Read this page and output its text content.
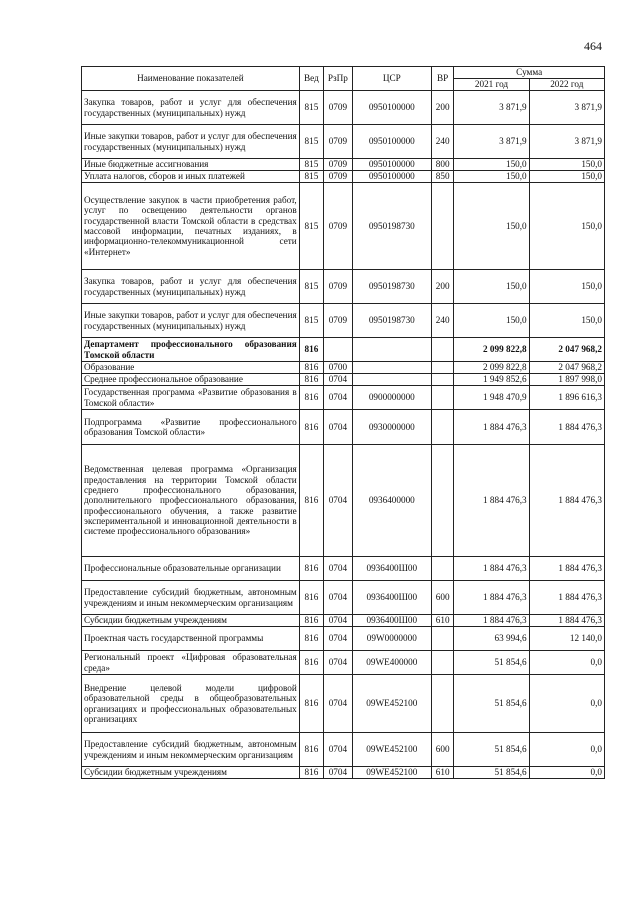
464
Наименование показателей	Вед	РзПр	ЦСР	ВР	Сумма	
					2021 год	2022 год
Закупка товаров, работ и услуг для обеспечения государственных (муниципальных) нужд	815	0709	0950100000	200	3 871,9	3 871,9
Иные закупки товаров, работ и услуг для обеспечения государственных (муниципальных) нужд	815	0709	0950100000	240	3 871,9	3 871,9
Иные бюджетные ассигнования	815	0709	0950100000	800	150,0	150,0
Уплата налогов, сборов и иных платежей	815	0709	0950100000	850	150,0	150,0
Осуществление закупок в части приобретения работ, услуг по освещению деятельности органов государственной власти Томской области в средствах массовой информации, печатных изданиях, в информационно-телекоммуникационной сети «Интернет»	815	0709	0950198730		150,0	150,0
Закупка товаров, работ и услуг для обеспечения государственных (муниципальных) нужд	815	0709	0950198730	200	150,0	150,0
Иные закупки товаров, работ и услуг для обеспечения государственных (муниципальных) нужд	815	0709	0950198730	240	150,0	150,0
Департамент профессионального образования Томской области	816				2 099 822,8	2 047 968,2
Образование	816	0700			2 099 822,8	2 047 968,2
Среднее профессиональное образование	816	0704			1 949 852,6	1 897 998,0
Государственная программа «Развитие образования в Томской области»	816	0704	0900000000		1 948 470,9	1 896 616,3
Подпрограмма «Развитие профессионального образования Томской области»	816	0704	0930000000		1 884 476,3	1 884 476,3
Ведомственная целевая программа «Организация предоставления на территории Томской области среднего профессионального образования, дополнительного профессионального образования, профессионального обучения, а также развитие экспериментальной и инновационной деятельности в системе профессионального образования»	816	0704	0936400000		1 884 476,3	1 884 476,3
Профессиональные образовательные организации	816	0704	0936400Ш00		1 884 476,3	1 884 476,3
Предоставление субсидий бюджетным, автономным учреждениям и иным некоммерческим организациям	816	0704	0936400Ш00	600	1 884 476,3	1 884 476,3
Субсидии бюджетным учреждениям	816	0704	0936400Ш00	610	1 884 476,3	1 884 476,3
Проектная часть государственной программы	816	0704	09W0000000		63 994,6	12 140,0
Региональный проект «Цифровая образовательная среда»	816	0704	09WE400000		51 854,6	0,0
Внедрение целевой модели цифровой образовательной среды в общеобразовательных организациях и профессиональных образовательных организациях	816	0704	09WE452100		51 854,6	0,0
Предоставление субсидий бюджетным, автономным учреждениям и иным некоммерческим организациям	816	0704	09WE452100	600	51 854,6	0,0
Субсидии бюджетным учреждениям	816	0704	09WE452100	610	51 854,6	0,0
